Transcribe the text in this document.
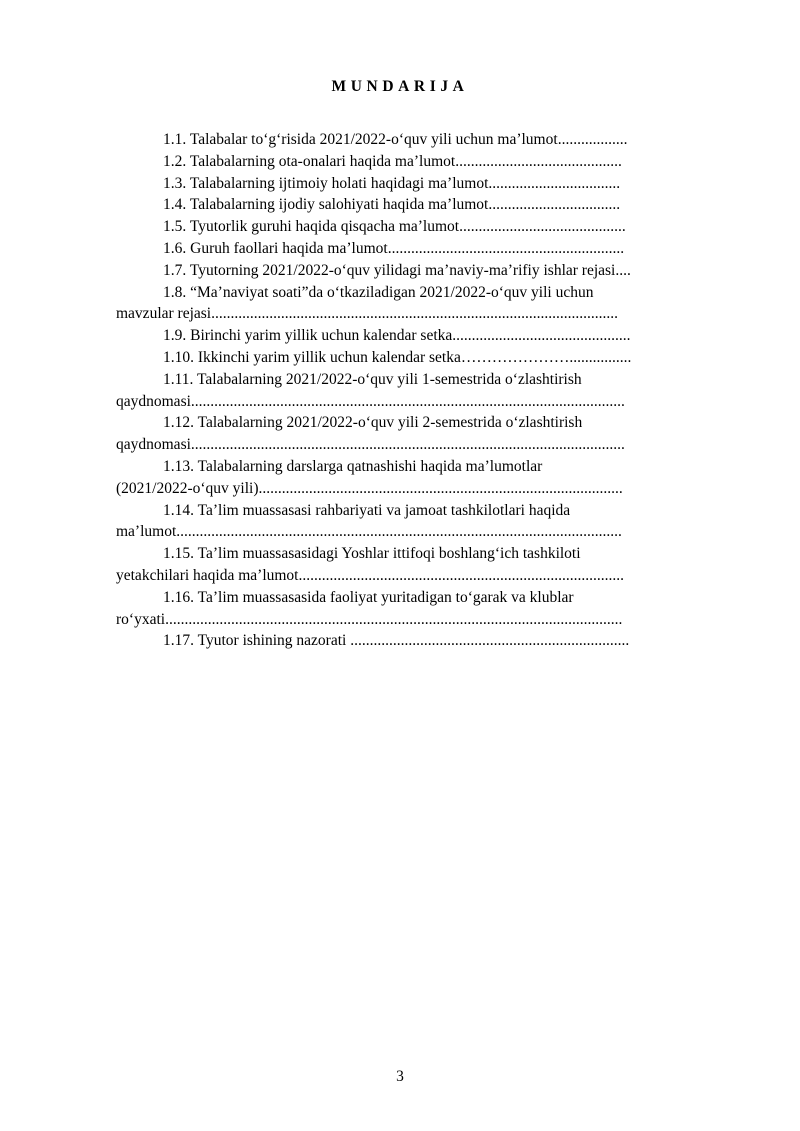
MUNDARIJA
1.1. Talabalar to‘g‘risida 2021/2022-o‘quv yili uchun ma’lumot..................
1.2. Talabalarning ota-onalari haqida ma’lumot...........................................
1.3. Talabalarning ijtimoiy holati haqidagi ma’lumot..................................
1.4. Talabalarning ijodiy salohiyati haqida ma’lumot..................................
1.5. Tyutorlik guruhi haqida qisqacha ma’lumot...........................................
1.6. Guruh faollari haqida ma’lumot.............................................................
1.7. Tyutorning 2021/2022-o‘quv yilidagi ma’naviy-ma’rifiy ishlar rejasi....
1.8. “Ma’naviyat soati”da o‘tkaziladigan 2021/2022-o‘quv yili uchun
mavzular rejasi.........................................................................................................
1.9. Birinchi yarim yillik uchun kalendar setka..............................................
1.10. Ikkinchi yarim yillik uchun kalendar setka…………………................
1.11. Talabalarning 2021/2022-o‘quv yili 1-semestrida o‘zlashtirish
qaydnomasi................................................................................................................
1.12. Talabalarning 2021/2022-o‘quv yili 2-semestrida o‘zlashtirish
qaydnomasi................................................................................................................
1.13. Talabalarning darslarga qatnashishi haqida ma’lumotlar
(2021/2022-o‘quv yili)..............................................................................................
1.14. Ta’lim muassasasi rahbariyati va jamoat tashkilotlari haqida
ma’lumot...................................................................................................................
1.15. Ta’lim muassasasidagi Yoshlar ittifoqi boshlang‘ich tashkiloti
yetakchilari haqida ma’lumot....................................................................................
1.16. Ta’lim muassasasida faoliyat yuritadigan to‘garak va klublar
ro‘yxati......................................................................................................................
1.17. Tyutor ishining nazorati ........................................................................
3
